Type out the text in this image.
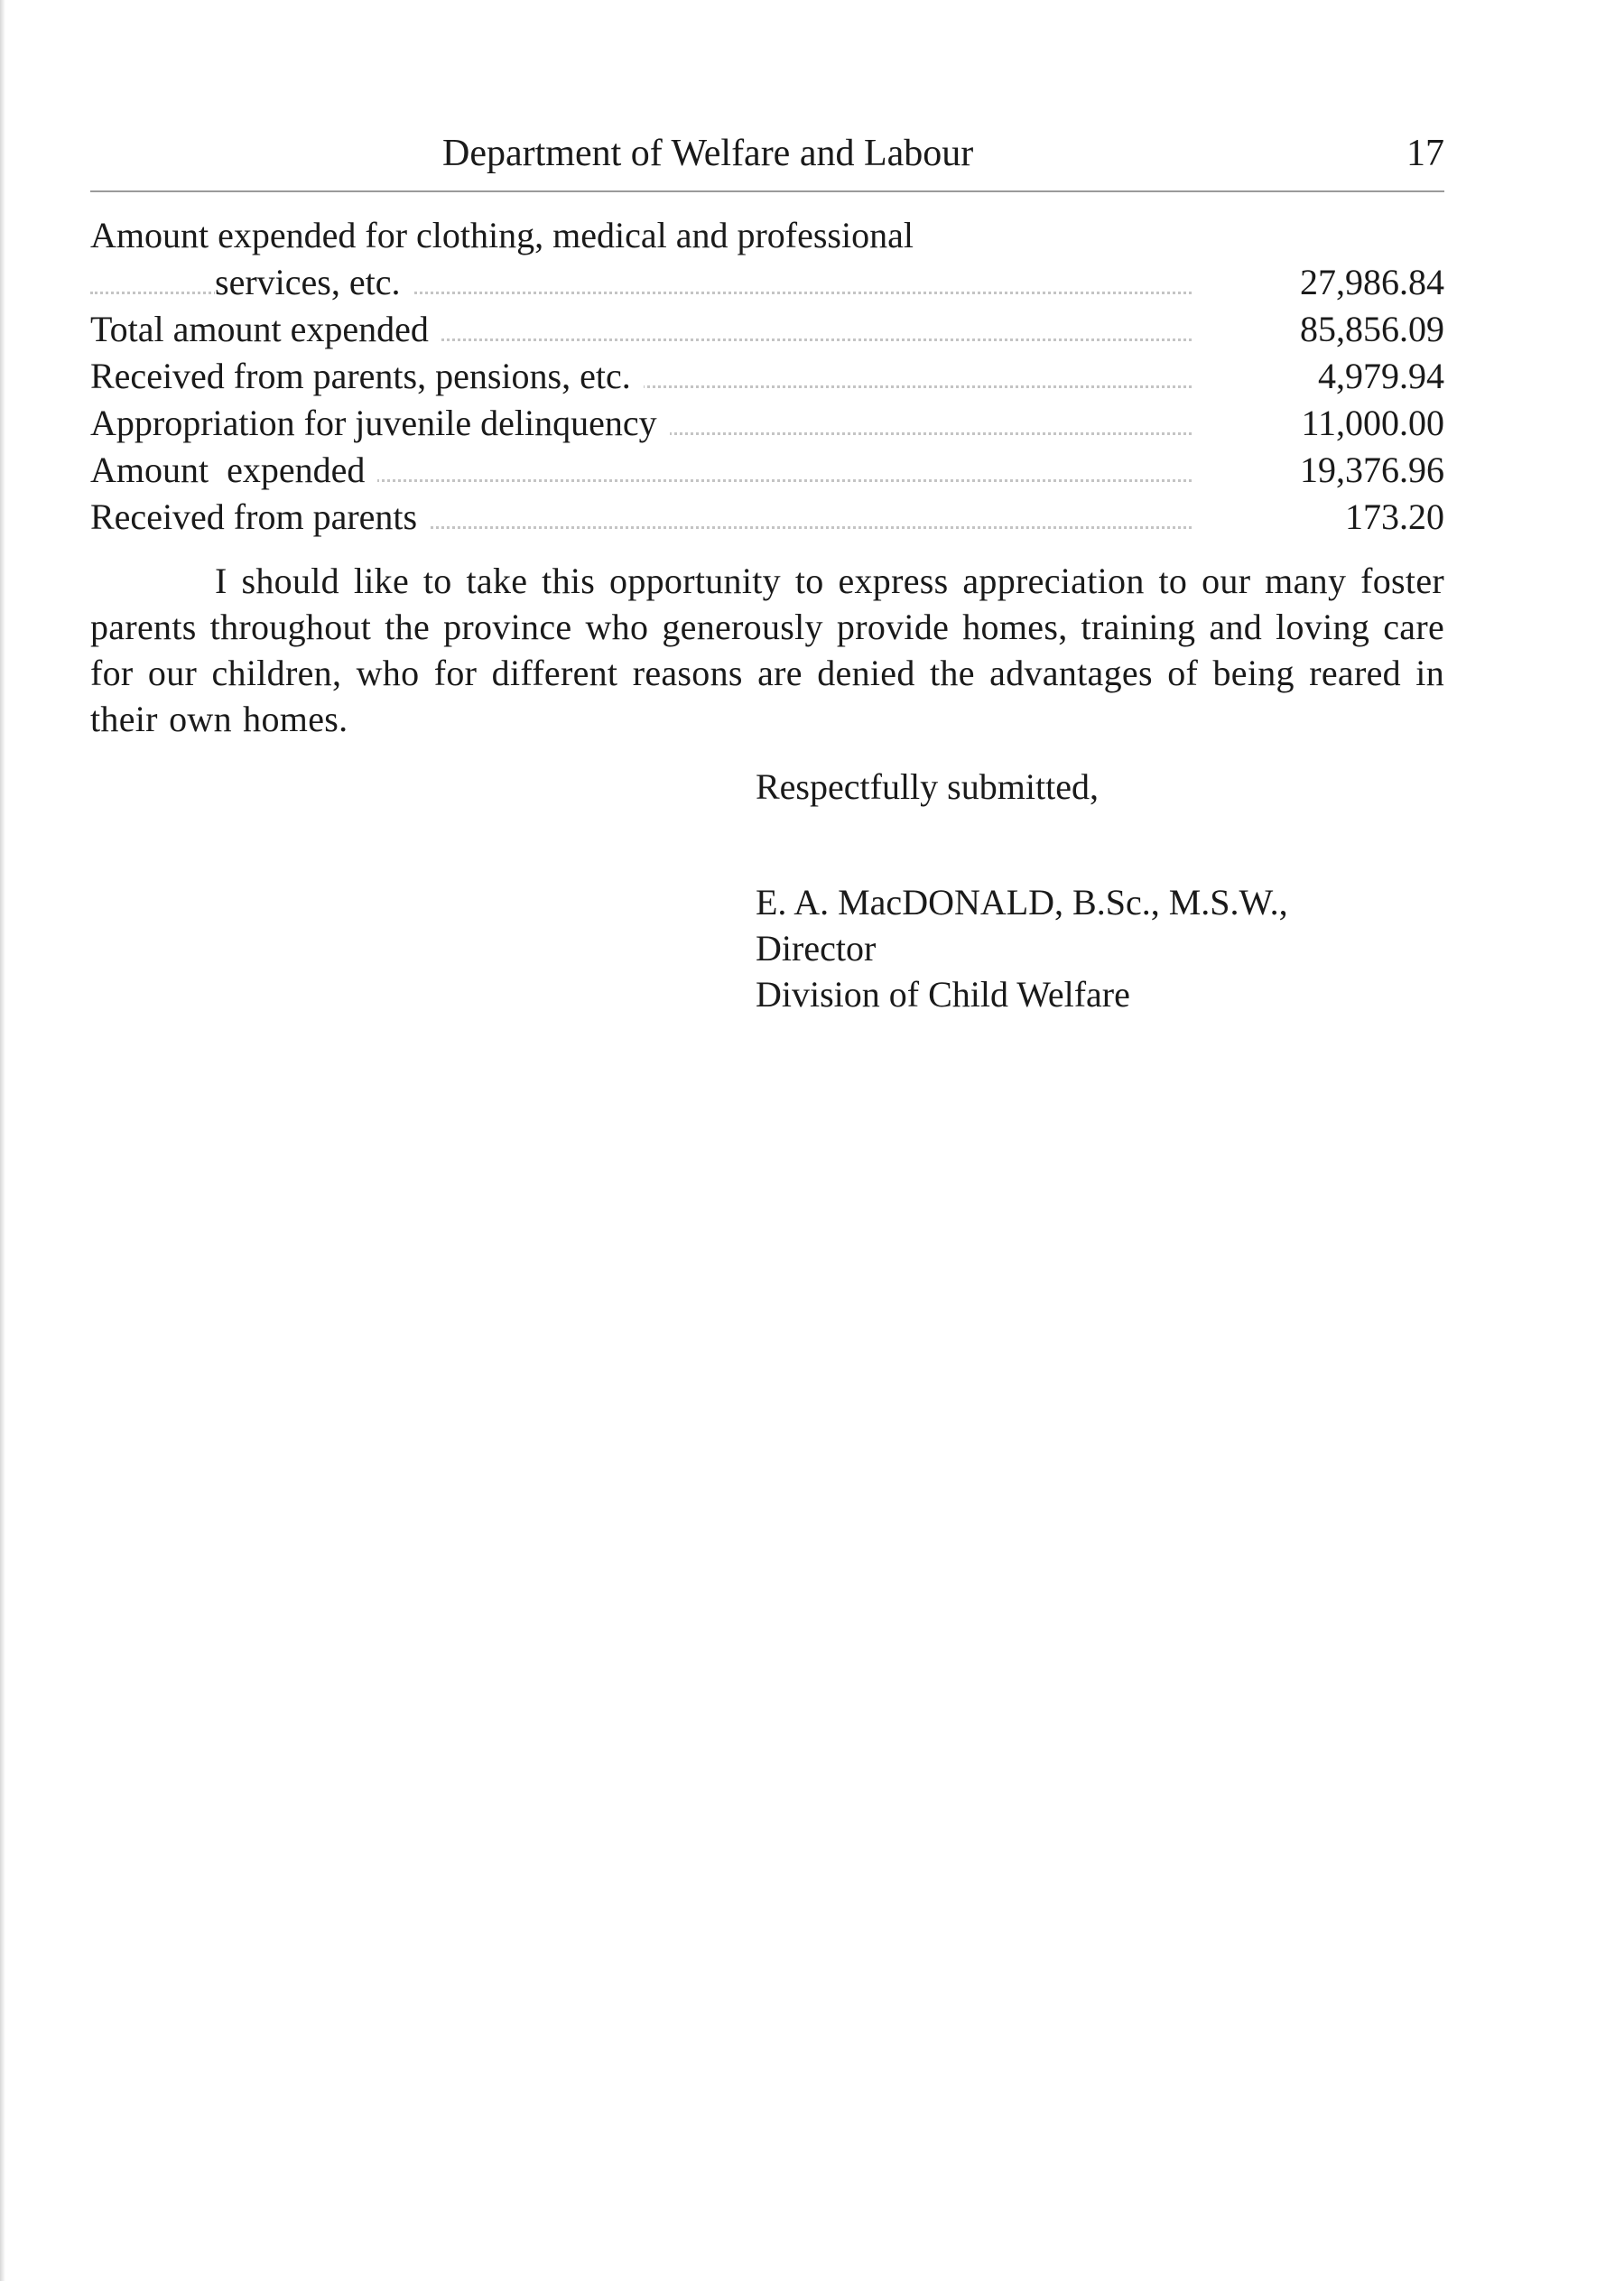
Department of Welfare and Labour	17
Amount expended for clothing, medical and professional
services, etc.	27,986.84
Total amount expended	85,856.09
Received from parents, pensions, etc.	4,979.94
Appropriation for juvenile delinquency	11,000.00
Amount  expended	19,376.96
Received from parents	173.20

I should like to take this opportunity to express appreciation to our many foster parents throughout the province who generously provide homes, training and loving care for our children, who for different reasons are denied the advantages of being reared in their own homes.

Respectfully submitted,
E. A. MacDONALD, B.Sc., M.S.W.,
Director
Division of Child Welfare
